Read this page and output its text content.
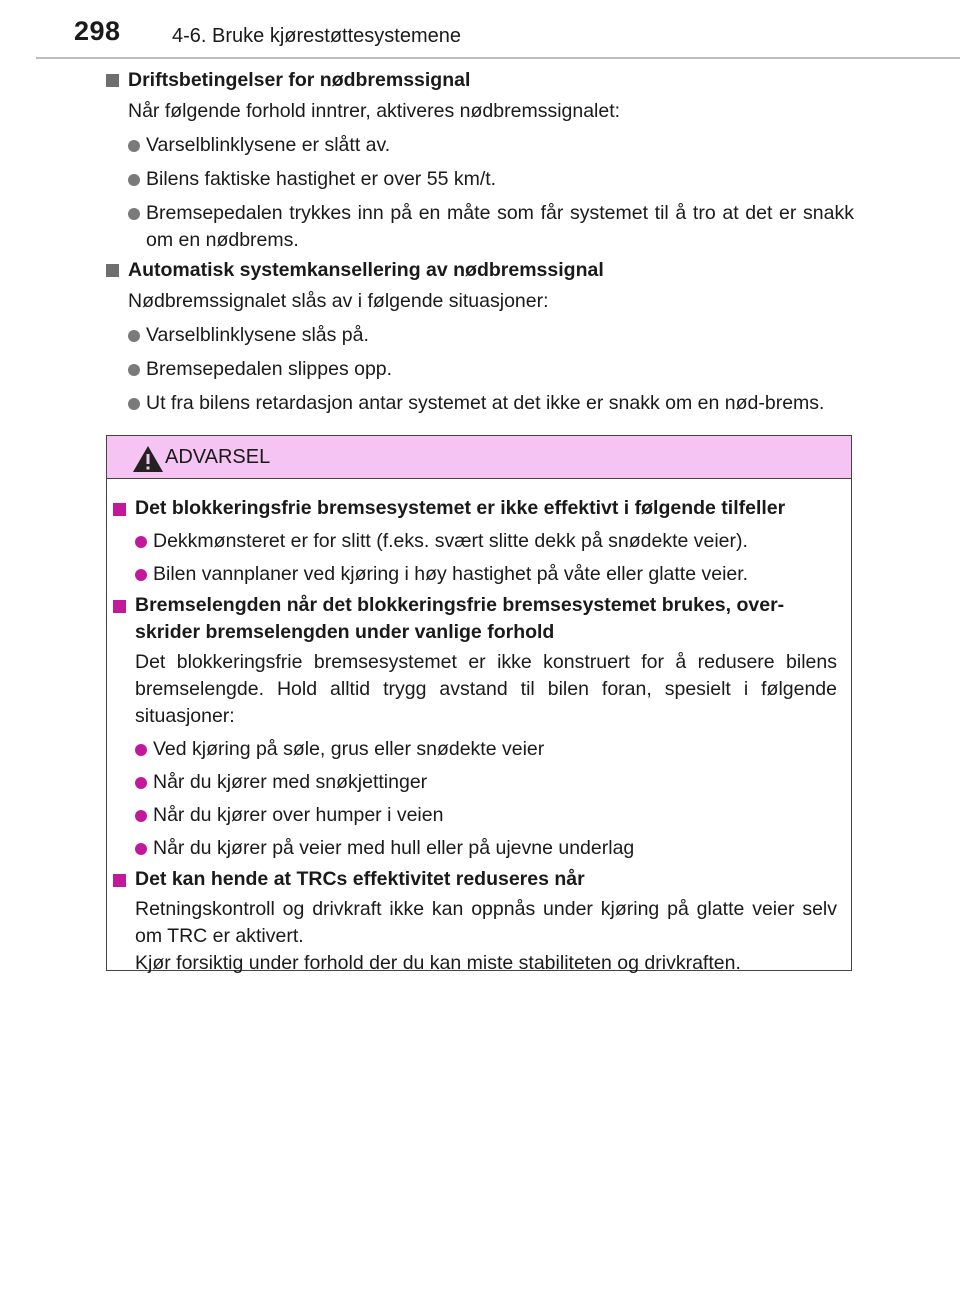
298	4-6. Bruke kjørestøttesystemene
Driftsbetingelser for nødbremssignal
Når følgende forhold inntrer, aktiveres nødbremssignalet:
Varselblinklysene er slått av.
Bilens faktiske hastighet er over 55 km/t.
Bremsepedalen trykkes inn på en måte som får systemet til å tro at det er snakk om en nødbrems.
Automatisk systemkansellering av nødbremssignal
Nødbremssignalet slås av i følgende situasjoner:
Varselblinklysene slås på.
Bremsepedalen slippes opp.
Ut fra bilens retardasjon antar systemet at det ikke er snakk om en nød-brems.
ADVARSEL
Det blokkeringsfrie bremsesystemet er ikke effektivt i følgende tilfeller
Dekkmønsteret er for slitt (f.eks. svært slitte dekk på snødekte veier).
Bilen vannplaner ved kjøring i høy hastighet på våte eller glatte veier.
Bremselengden når det blokkeringsfrie bremsesystemet brukes, over-skrider bremselengden under vanlige forhold
Det blokkeringsfrie bremsesystemet er ikke konstruert for å redusere bilens bremselengde. Hold alltid trygg avstand til bilen foran, spesielt i følgende situasjoner:
Ved kjøring på søle, grus eller snødekte veier
Når du kjører med snøkjettinger
Når du kjører over humper i veien
Når du kjører på veier med hull eller på ujevne underlag
Det kan hende at TRCs effektivitet reduseres når
Retningskontroll og drivkraft ikke kan oppnås under kjøring på glatte veier selv om TRC er aktivert.
Kjør forsiktig under forhold der du kan miste stabiliteten og drivkraften.
